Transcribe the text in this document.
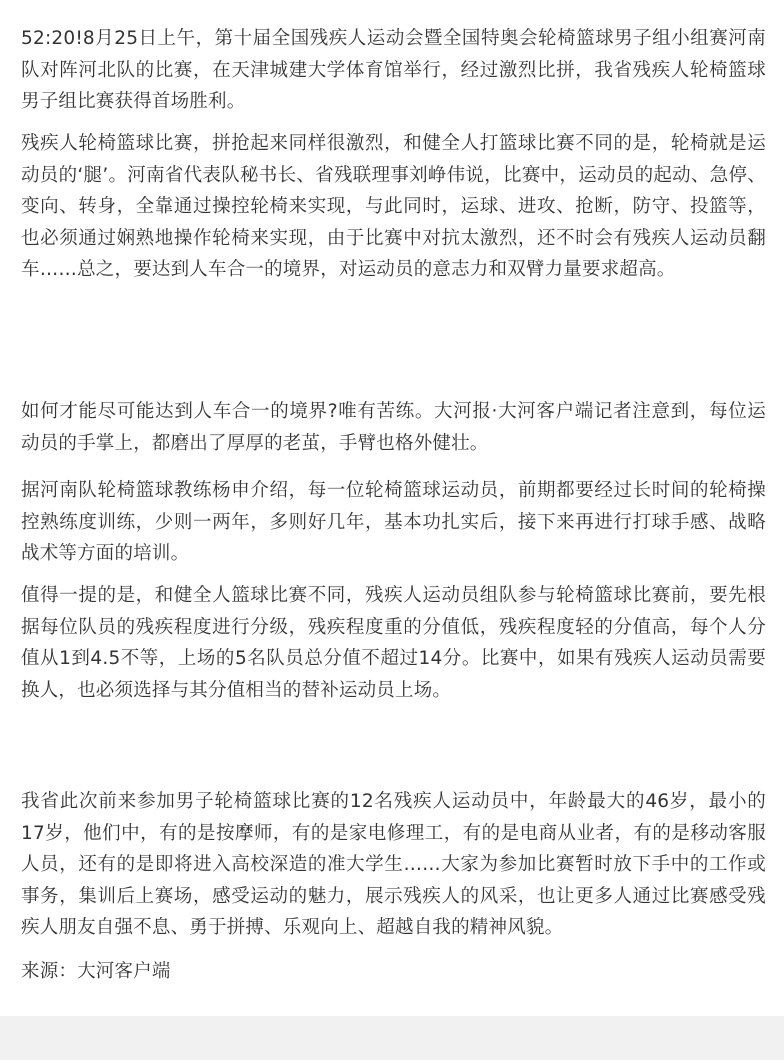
52:20!8月25日上午，第十届全国残疾人运动会暨全国特奥会轮椅篮球男子组小组赛河南队对阵河北队的比赛，在天津城建大学体育馆举行，经过激烈比拼，我省残疾人轮椅篮球男子组比赛获得首场胜利。

残疾人轮椅篮球比赛，拼抢起来同样很激烈，和健全人打篮球比赛不同的是，轮椅就是运动员的‘腿’。河南省代表队秘书长、省残联理事刘峥伟说，比赛中，运动员的起动、急停、变向、转身，全靠通过操控轮椅来实现，与此同时，运球、进攻、抢断，防守、投篮等，也必须通过娴熟地操作轮椅来实现，由于比赛中对抗太激烈，还不时会有残疾人运动员翻车……总之，要达到人车合一的境界，对运动员的意志力和双臂力量要求超高。

如何才能尽可能达到人车合一的境界?唯有苦练。大河报·大河客户端记者注意到，每位运动员的手掌上，都磨出了厚厚的老茧，手臂也格外健壮。

据河南队轮椅篮球教练杨申介绍，每一位轮椅篮球运动员，前期都要经过长时间的轮椅操控熟练度训练，少则一两年，多则好几年，基本功扎实后，接下来再进行打球手感、战略战术等方面的培训。

值得一提的是，和健全人篮球比赛不同，残疾人运动员组队参与轮椅篮球比赛前，要先根据每位队员的残疾程度进行分级，残疾程度重的分值低，残疾程度轻的分值高，每个人分值从1到4.5不等，上场的5名队员总分值不超过14分。比赛中，如果有残疾人运动员需要换人，也必须选择与其分值相当的替补运动员上场。

我省此次前来参加男子轮椅篮球比赛的12名残疾人运动员中，年龄最大的46岁，最小的17岁，他们中，有的是按摩师，有的是家电修理工，有的是电商从业者，有的是移动客服人员，还有的是即将进入高校深造的准大学生……大家为参加比赛暂时放下手中的工作或事务，集训后上赛场，感受运动的魅力，展示残疾人的风采，也让更多人通过比赛感受残疾人朋友自强不息、勇于拼搏、乐观向上、超越自我的精神风貌。

来源：大河客户端
